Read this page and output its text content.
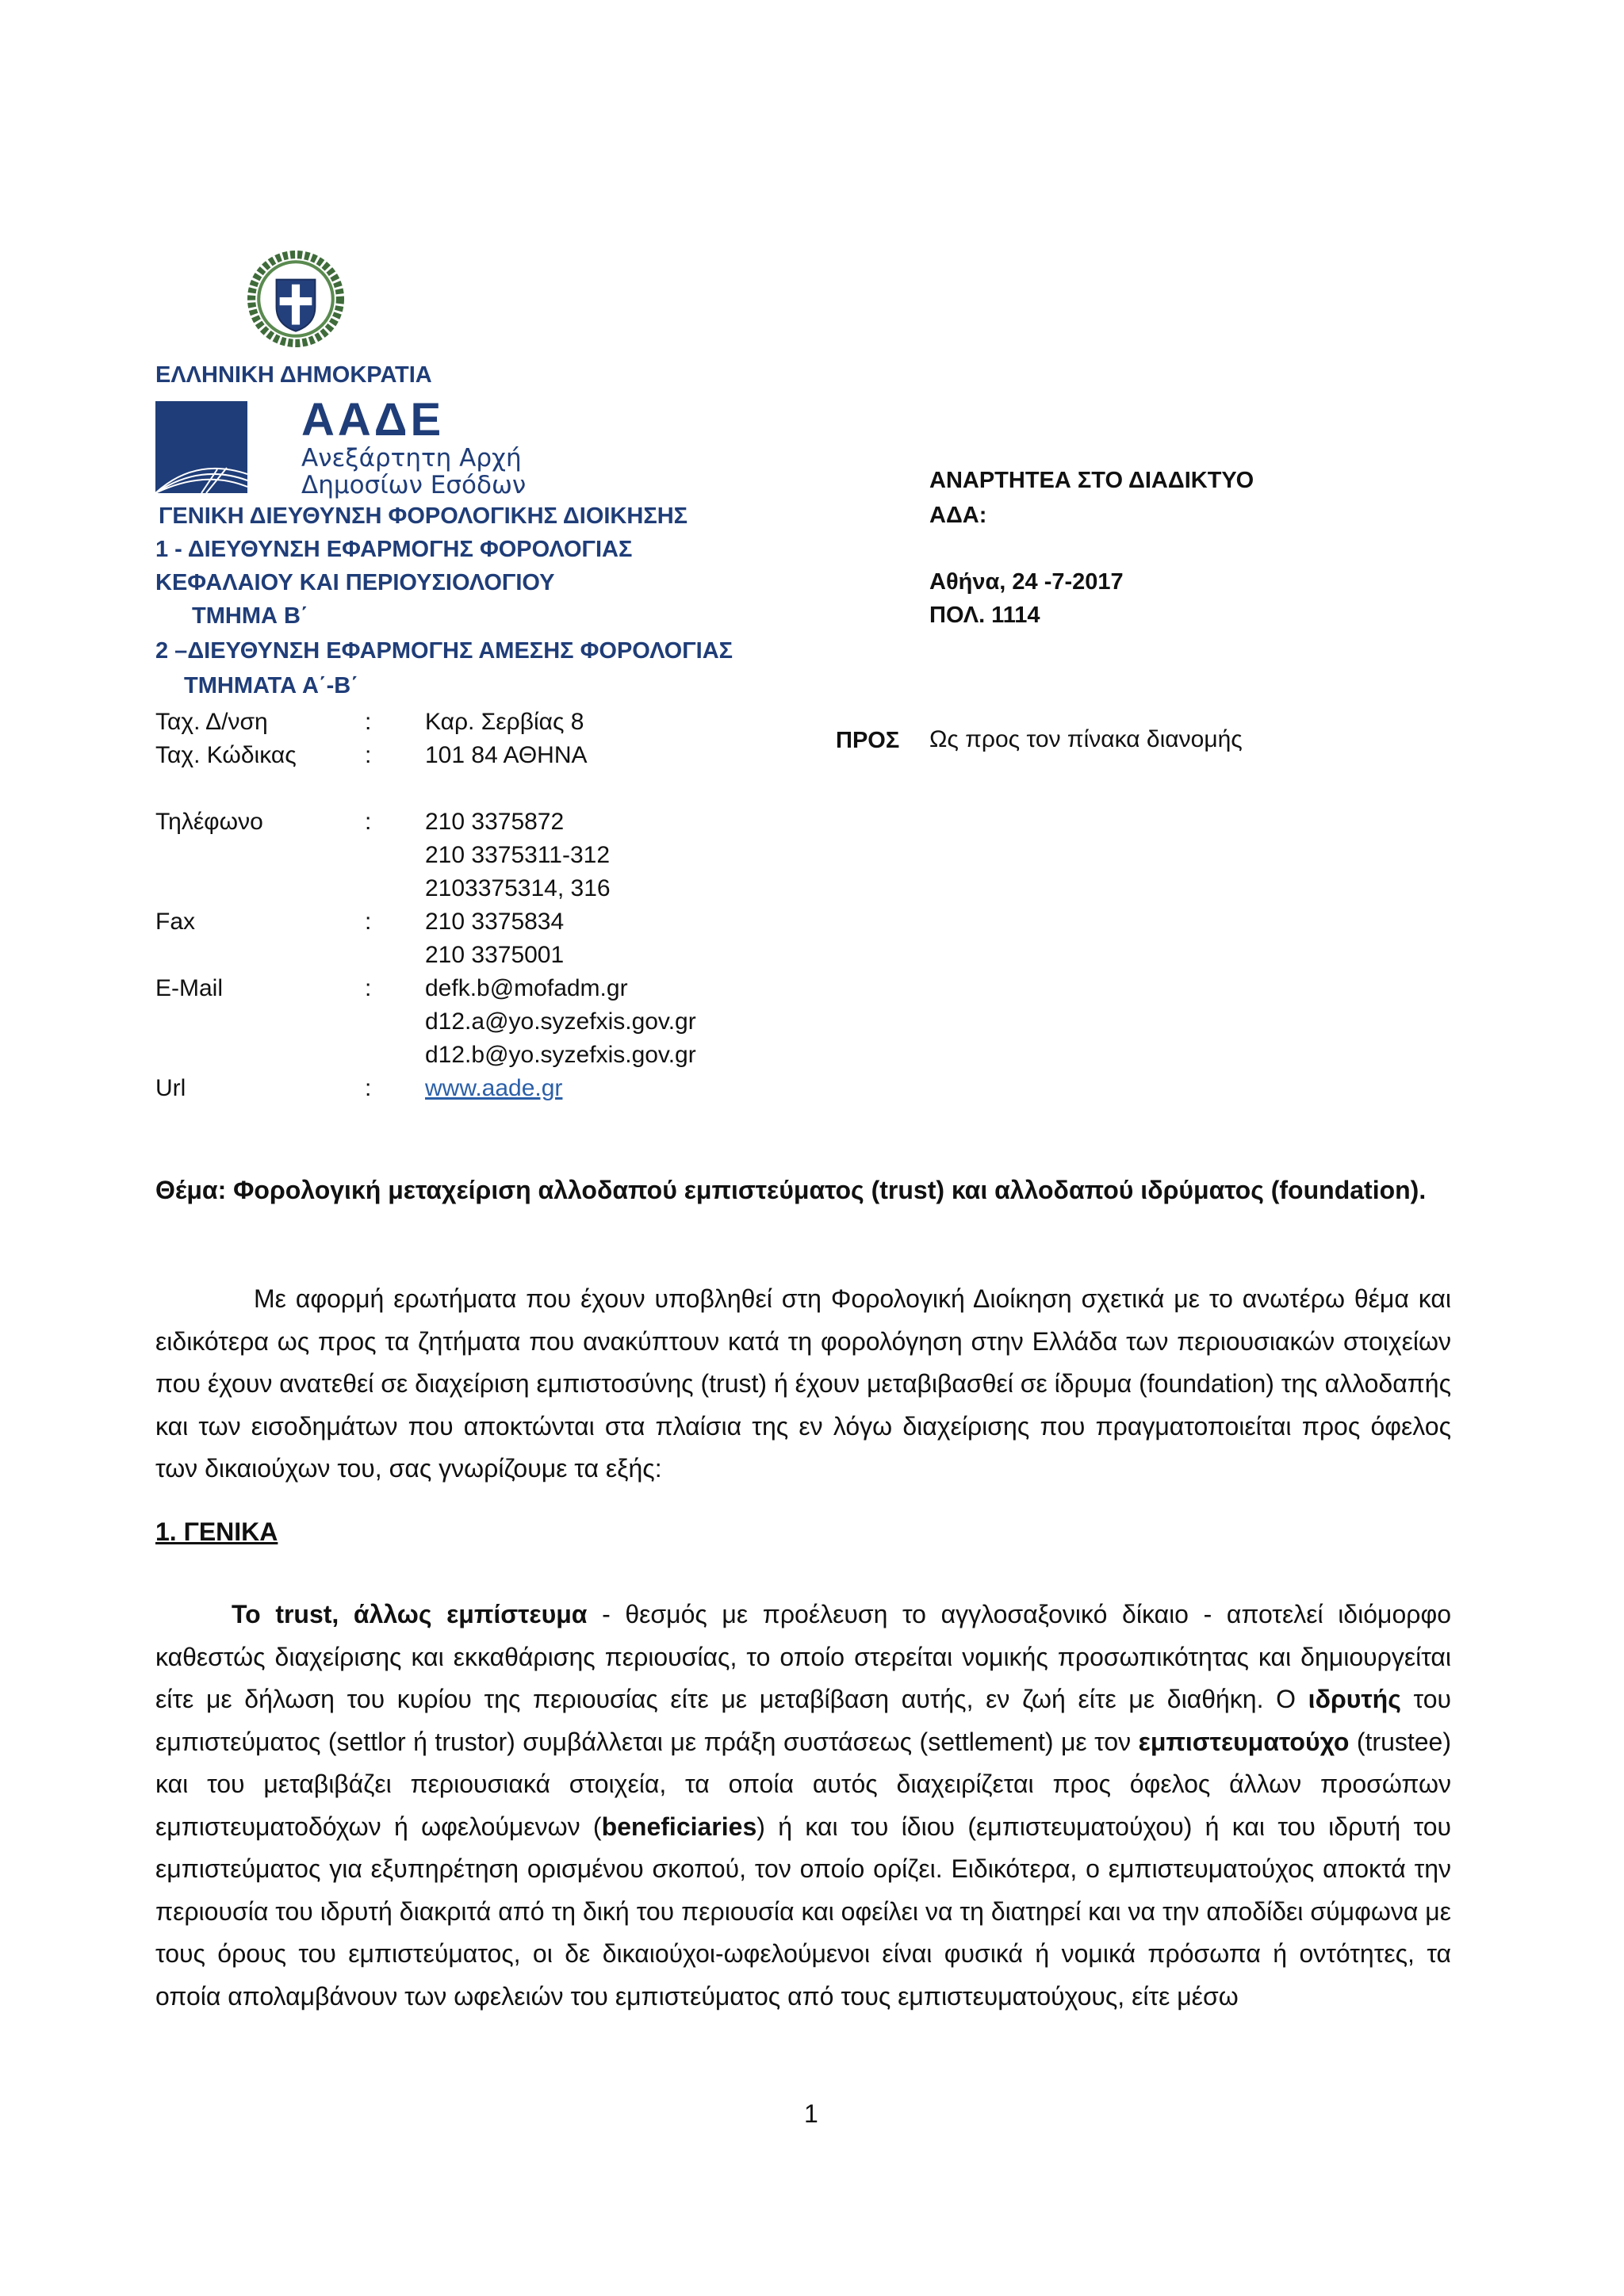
ΕΛΛΗΝΙΚΗ ΔΗΜΟΚΡΑΤΙΑ
ΑΑΔΕ
Ανεξάρτητη Αρχή
Δημοσίων Εσόδων
ΓΕΝΙΚΗ ΔΙΕΥΘΥΝΣΗ ΦΟΡΟΛΟΓΙΚΗΣ ΔΙΟΙΚΗΣΗΣ
1 - ΔΙΕΥΘΥΝΣΗ ΕΦΑΡΜΟΓΗΣ ΦΟΡΟΛΟΓΙΑΣ
ΚΕΦΑΛΑΙΟΥ ΚΑΙ ΠΕΡΙΟΥΣΙΟΛΟΓΙΟΥ
ΤΜΗΜΑ Β΄
2 –ΔΙΕΥΘΥΝΣΗ ΕΦΑΡΜΟΓΗΣ ΑΜΕΣΗΣ ΦΟΡΟΛΟΓΙΑΣ
ΤΜΗΜΑΤΑ Α΄-Β΄
ΑΝΑΡΤΗΤΕΑ ΣΤΟ ΔΙΑΔΙΚΤΥΟ
ΑΔΑ:
Αθήνα, 24 -7-2017
ΠΟΛ. 1114
ΠΡΟΣ Ως προς τον πίνακα διανομής
Ταχ. Δ/νση	: Καρ. Σερβίας 8
Ταχ. Κώδικας	: 101 84 ΑΘΗΝΑ
Τηλέφωνο	: 210 3375872
210 3375311-312
2103375314, 316
Fax	: 210 3375834
210 3375001
E-Mail	: defk.b@mofadm.gr
d12.a@yo.syzefxis.gov.gr
d12.b@yo.syzefxis.gov.gr
Url	: www.aade.gr
Θέμα: Φορολογική μεταχείριση αλλοδαπού εμπιστεύματος (trust) και αλλοδαπού ιδρύματος (foundation).
Με αφορμή ερωτήματα που έχουν υποβληθεί στη Φορολογική Διοίκηση σχετικά με το ανωτέρω θέμα και ειδικότερα ως προς τα ζητήματα που ανακύπτουν κατά τη φορολόγηση στην Ελλάδα των περιουσιακών στοιχείων που έχουν ανατεθεί σε διαχείριση εμπιστοσύνης (trust) ή έχουν μεταβιβασθεί σε ίδρυμα (foundation) της αλλοδαπής και των εισοδημάτων που αποκτώνται στα πλαίσια της εν λόγω διαχείρισης που πραγματοποιείται προς όφελος των δικαιούχων του, σας γνωρίζουμε τα εξής:
1. ΓΕΝΙΚΑ
Το trust, άλλως εμπίστευμα - θεσμός με προέλευση το αγγλοσαξονικό δίκαιο - αποτελεί ιδιόμορφο καθεστώς διαχείρισης και εκκαθάρισης περιουσίας, το οποίο στερείται νομικής προσωπικότητας και δημιουργείται είτε με δήλωση του κυρίου της περιουσίας είτε με μεταβίβαση αυτής, εν ζωή είτε με διαθήκη. Ο ιδρυτής του εμπιστεύματος (settlor ή trustor) συμβάλλεται με πράξη συστάσεως (settlement) με τον εμπιστευματούχο (trustee) και του μεταβιβάζει περιουσιακά στοιχεία, τα οποία αυτός διαχειρίζεται προς όφελος άλλων προσώπων εμπιστευματοδόχων ή ωφελούμενων (beneficiaries) ή και του ίδιου (εμπιστευματούχου) ή και του ιδρυτή του εμπιστεύματος για εξυπηρέτηση ορισμένου σκοπού, τον οποίο ορίζει. Ειδικότερα, ο εμπιστευματούχος αποκτά την περιουσία του ιδρυτή διακριτά από τη δική του περιουσία και οφείλει να τη διατηρεί και να την αποδίδει σύμφωνα με τους όρους του εμπιστεύματος, οι δε δικαιούχοι-ωφελούμενοι είναι φυσικά ή νομικά πρόσωπα ή οντότητες, τα οποία απολαμβάνουν των ωφελειών του εμπιστεύματος από τους εμπιστευματούχους, είτε μέσω
1
